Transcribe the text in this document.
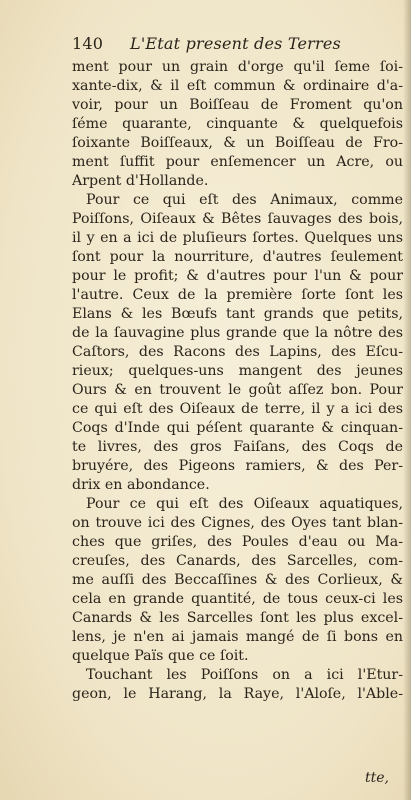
140 L'Etat present des Terres
ment pour un grain d'orge qu'il ſeme ſoi-
xante-dix, & il eſt commun & ordinaire d'a-
voir, pour un Boiſſeau de Froment qu'on
ſéme quarante, cinquante & quelquefois
ſoixante Boiſſeaux, & un Boiſſeau de Fro-
ment ſuffit pour enſemencer un Acre, ou
Arpent d'Hollande.
Pour ce qui eſt des Animaux, comme
Poiſſons, Oiſeaux & Bêtes ſauvages des bois,
il y en a ici de pluſieurs ſortes. Quelques uns
ſont pour la nourriture, d'autres ſeulement
pour le profit; & d'autres pour l'un & pour
l'autre. Ceux de la première ſorte ſont les
Elans & les Bœufs tant grands que petits,
de la ſauvagine plus grande que la nôtre des
Caſtors, des Racons des Lapins, des Eſcu-
rieux; quelques-uns mangent des jeunes
Ours & en trouvent le goût aſſez bon. Pour
ce qui eſt des Oiſeaux de terre, il y a ici des
Coqs d'Inde qui péſent quarante & cinquan-
te livres, des gros Faiſans, des Coqs de
bruyére, des Pigeons ramiers, & des Per-
drix en abondance.
Pour ce qui eſt des Oiſeaux aquatiques,
on trouve ici des Cignes, des Oyes tant blan-
ches que griſes, des Poules d'eau ou Ma-
creuſes, des Canards, des Sarcelles, com-
me auſſi des Beccaſſines & des Corlieux, &
cela en grande quantité, de tous ceux-ci les
Canards & les Sarcelles ſont les plus excel-
lens, je n'en ai jamais mangé de ſi bons en
quelque Païs que ce ſoit.
Touchant les Poiſſons on a ici l'Etur-
geon, le Harang, la Raye, l'Aloſe, l'Able-
tte,
